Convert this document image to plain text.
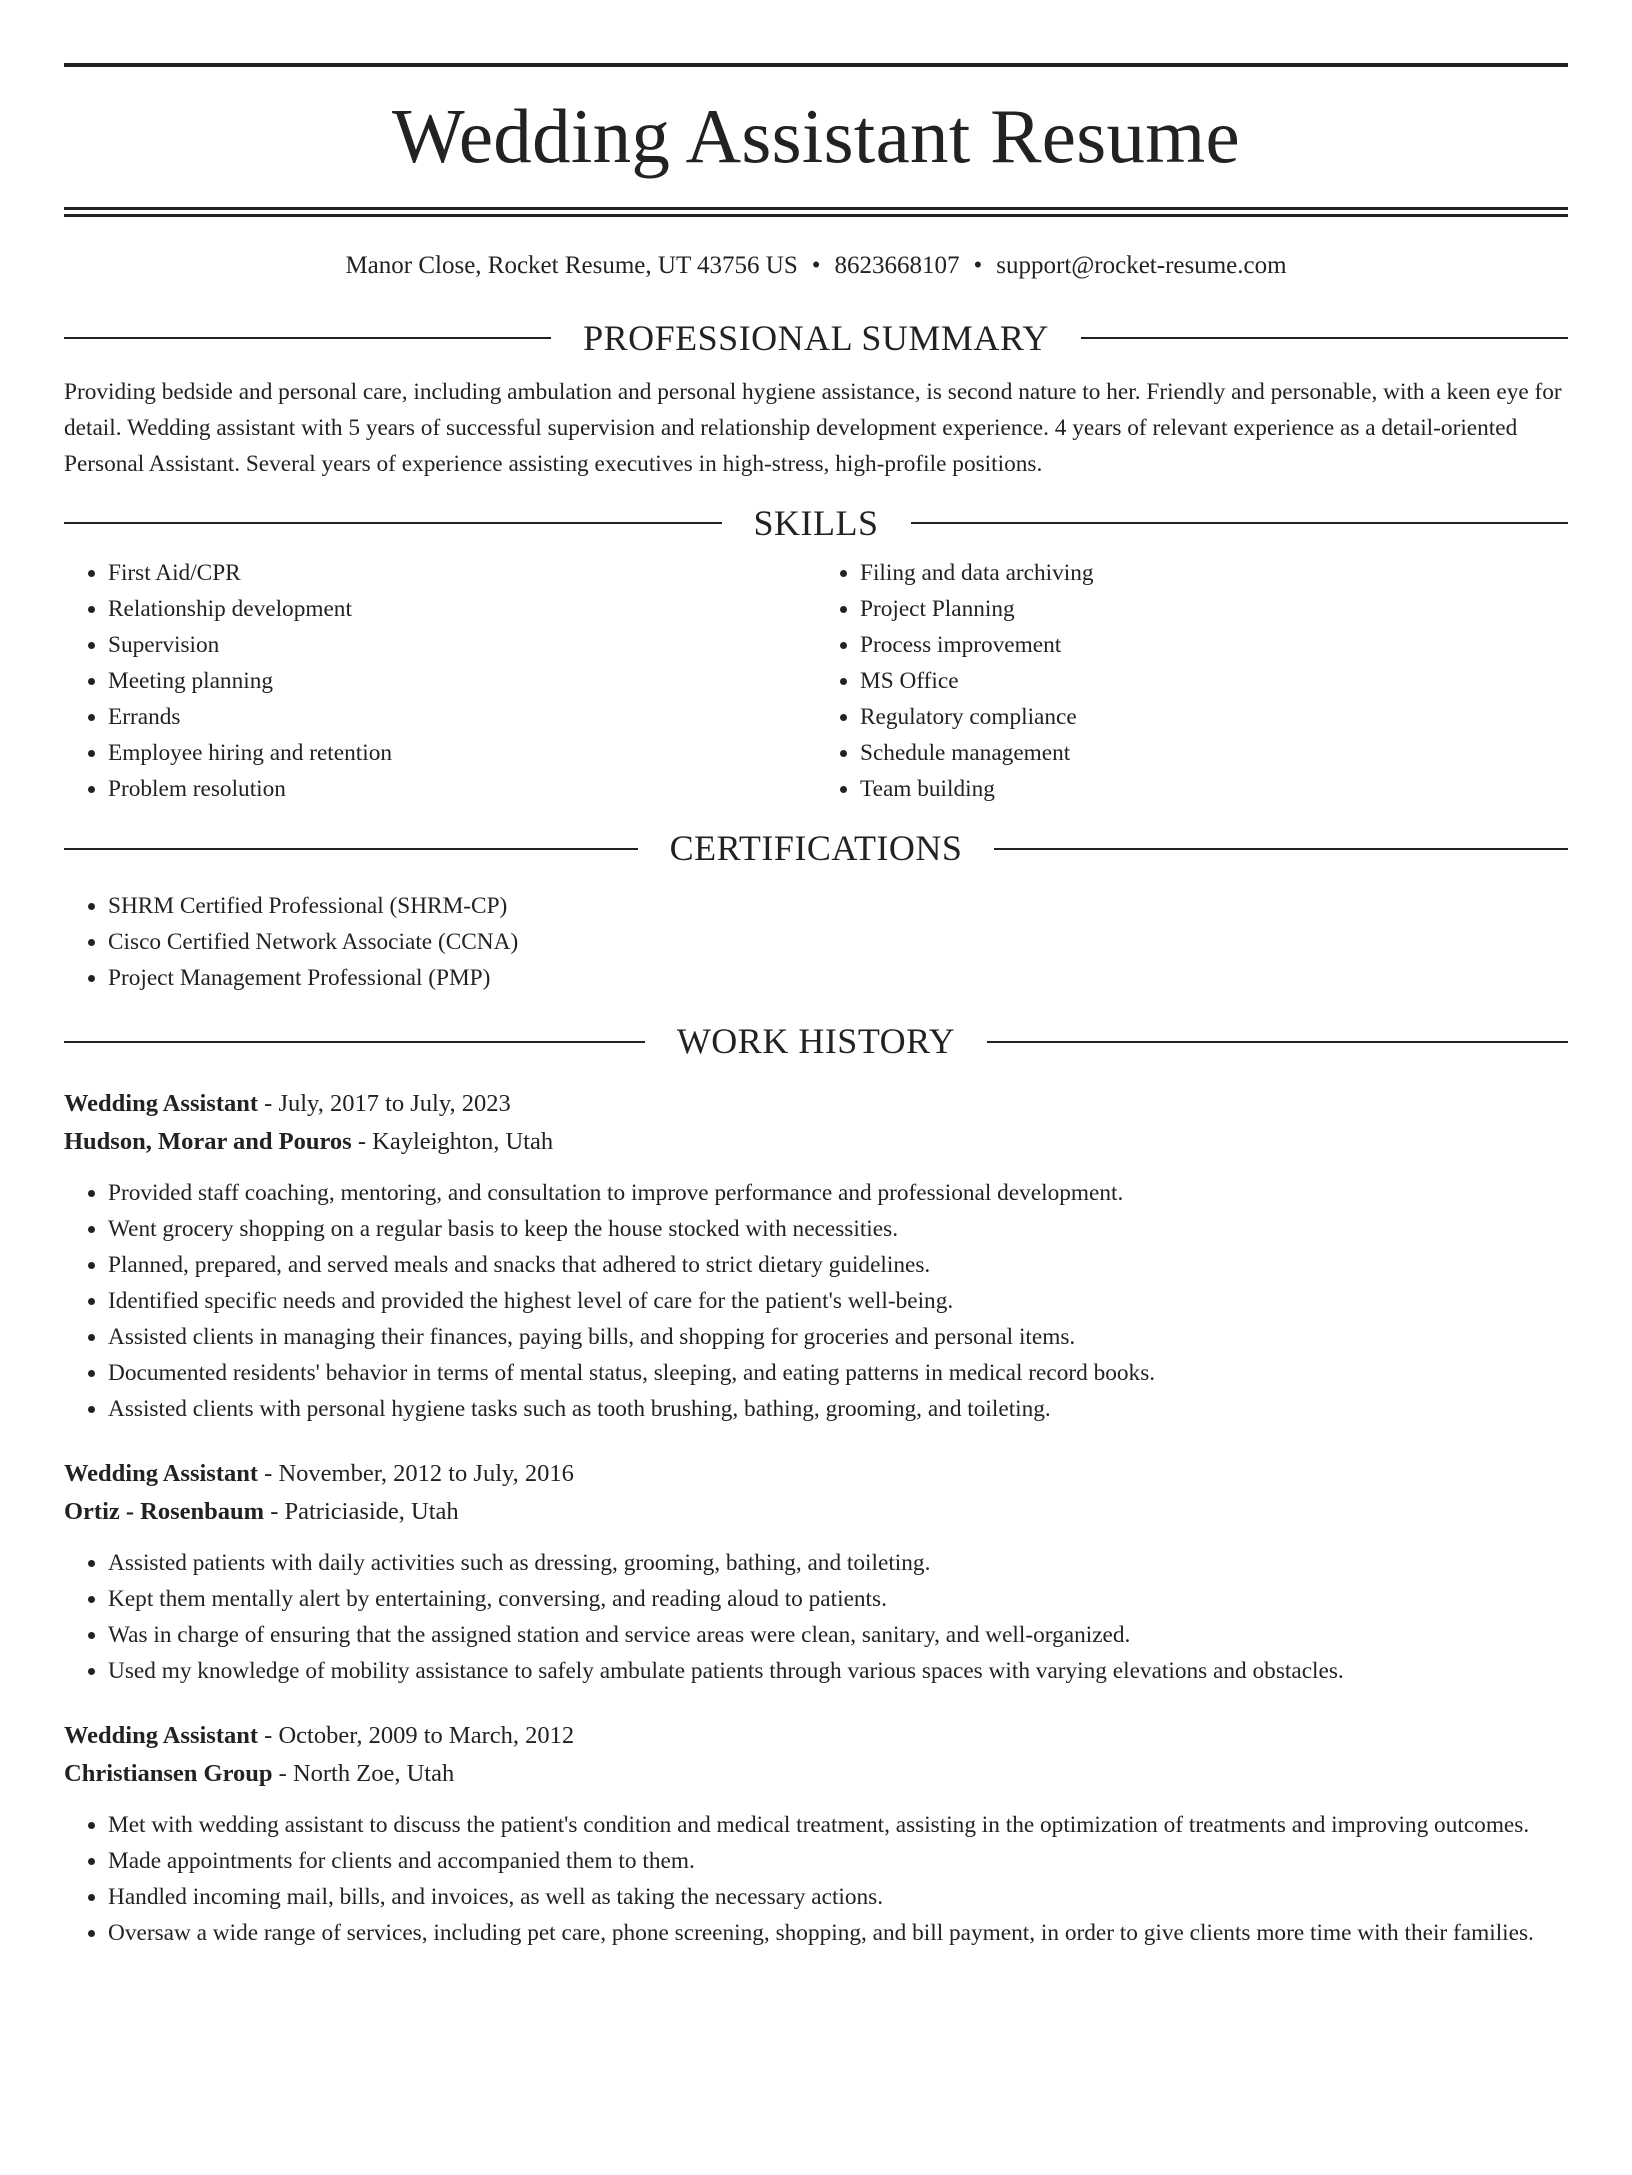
Wedding Assistant Resume
Manor Close, Rocket Resume, UT 43756 US • 8623668107 • support@rocket-resume.com
PROFESSIONAL SUMMARY

Providing bedside and personal care, including ambulation and personal hygiene assistance, is second nature to her. Friendly and personable, with a keen eye for detail. Wedding assistant with 5 years of successful supervision and relationship development experience. 4 years of relevant experience as a detail-oriented Personal Assistant. Several years of experience assisting executives in high-stress, high-profile positions.

SKILLS
• First Aid/CPR
• Relationship development
• Supervision
• Meeting planning
• Errands
• Employee hiring and retention
• Problem resolution
• Filing and data archiving
• Project Planning
• Process improvement
• MS Office
• Regulatory compliance
• Schedule management
• Team building
CERTIFICATIONS
• SHRM Certified Professional (SHRM-CP)
• Cisco Certified Network Associate (CCNA)
• Project Management Professional (PMP)
WORK HISTORY
Wedding Assistant - July, 2017 to July, 2023
Hudson, Morar and Pouros - Kayleighton, Utah
• Provided staff coaching, mentoring, and consultation to improve performance and professional development.
• Went grocery shopping on a regular basis to keep the house stocked with necessities.
• Planned, prepared, and served meals and snacks that adhered to strict dietary guidelines.
• Identified specific needs and provided the highest level of care for the patient's well-being.
• Assisted clients in managing their finances, paying bills, and shopping for groceries and personal items.
• Documented residents' behavior in terms of mental status, sleeping, and eating patterns in medical record books.
• Assisted clients with personal hygiene tasks such as tooth brushing, bathing, grooming, and toileting.
Wedding Assistant - November, 2012 to July, 2016
Ortiz - Rosenbaum - Patriciaside, Utah
• Assisted patients with daily activities such as dressing, grooming, bathing, and toileting.
• Kept them mentally alert by entertaining, conversing, and reading aloud to patients.
• Was in charge of ensuring that the assigned station and service areas were clean, sanitary, and well-organized.
• Used my knowledge of mobility assistance to safely ambulate patients through various spaces with varying elevations and obstacles.
Wedding Assistant - October, 2009 to March, 2012
Christiansen Group - North Zoe, Utah
• Met with wedding assistant to discuss the patient's condition and medical treatment, assisting in the optimization of treatments and improving outcomes.
• Made appointments for clients and accompanied them to them.
• Handled incoming mail, bills, and invoices, as well as taking the necessary actions.
• Oversaw a wide range of services, including pet care, phone screening, shopping, and bill payment, in order to give clients more time with their families.
